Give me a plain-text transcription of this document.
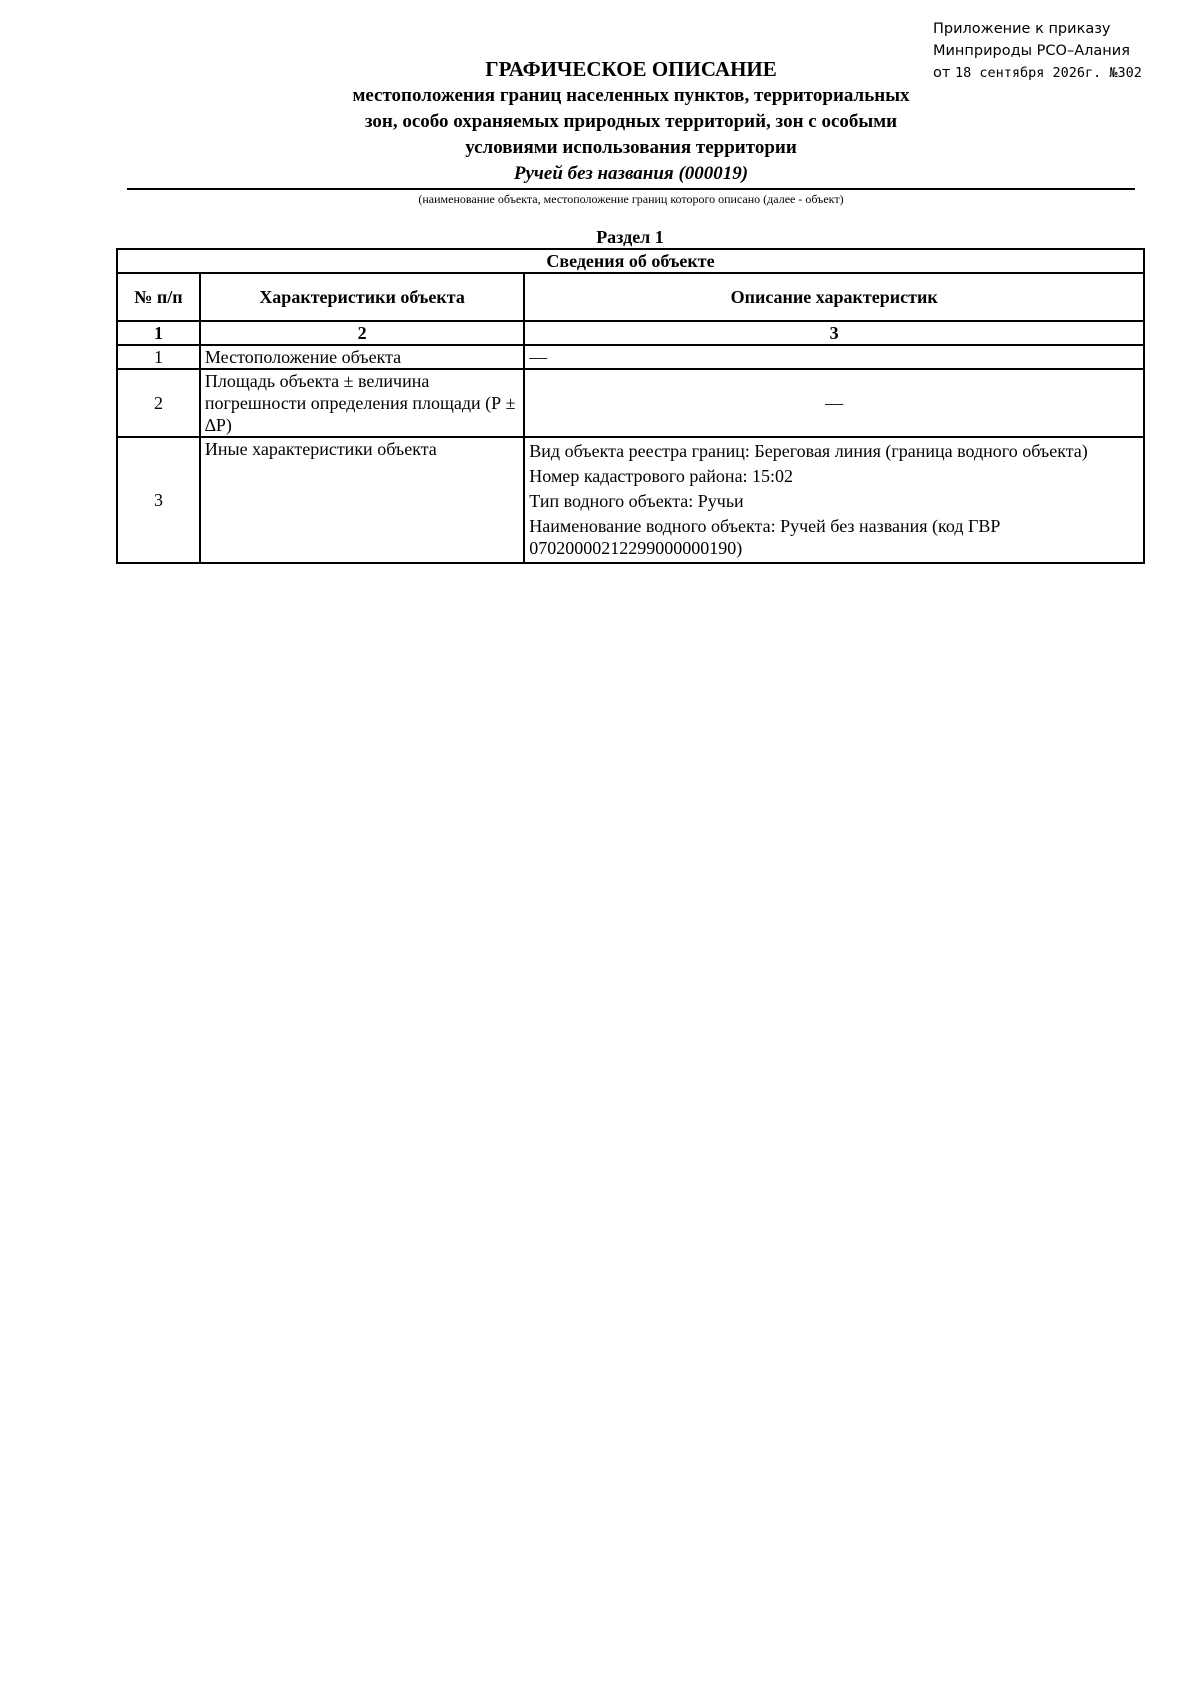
Приложение к приказу
Минприроды РСО–Алания
от 18 сентября 2026г. №302
ГРАФИЧЕСКОЕ ОПИСАНИЕ
местоположения границ населенных пунктов, территориальных
зон, особо охраняемых природных территорий, зон с особыми
условиями использования территории
Ручей без названия (000019)
(наименование объекта, местоположение границ которого описано (далее - объект)
Раздел 1
Сведения об объекте		
№ п/п	Характеристики объекта	Описание характеристик
1	2	3
1	Местоположение объекта	—
2	Площадь объекта ± величина погрешности определения площади (Р ± ∆Р)	—
3	Иные характеристики объекта	Вид объекта реестра границ: Береговая линия (граница водного объекта)
Номер кадастрового района: 15:02
Тип водного объекта: Ручьи
Наименование водного объекта: Ручей без названия (код ГВР 07020000212299000000190)
